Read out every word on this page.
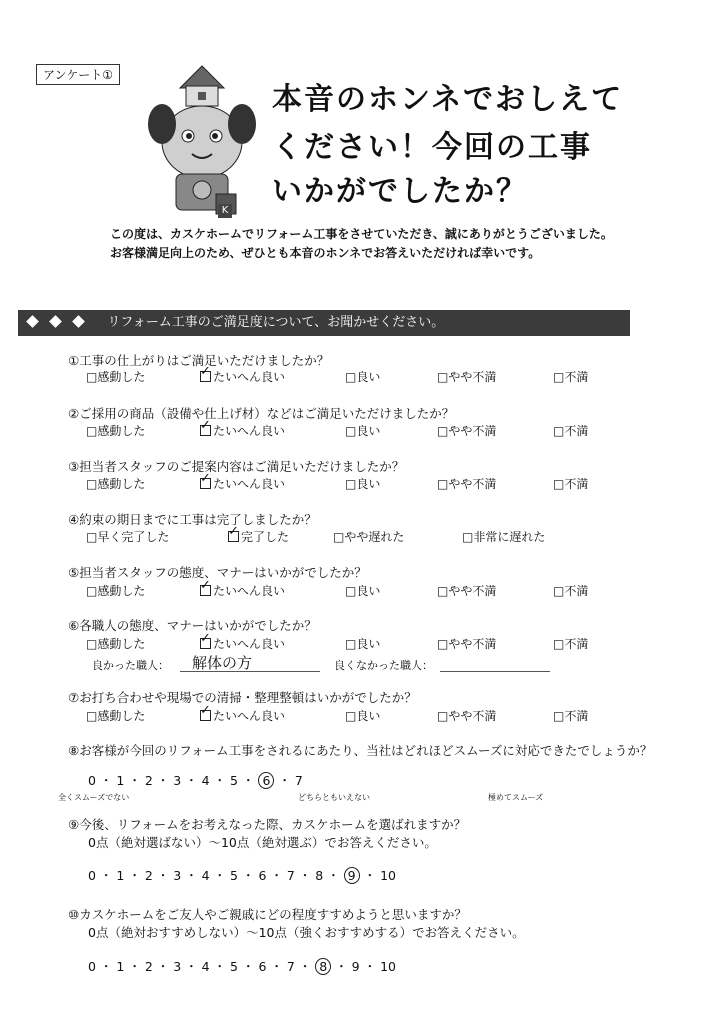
アンケート①
K
本音のホンネでおしえて
ください！今回の工事
いかがでしたか？
この度は、カスケホームでリフォーム工事をさせていただき、誠にありがとうございました。
お客様満足向上のため、ぜひとも本音のホンネでお答えいただければ幸いです。
リフォーム工事のご満足度について、お聞かせください。
①工事の仕上がりはご満足いただけましたか？
□感動した ✓	たいへん良い	□良い	□やや不満	□不満
②ご採用の商品（設備や仕上げ材）などはご満足いただけましたか？
□感動した ✓	たいへん良い	□良い	□やや不満	□不満
③担当者スタッフのご提案内容はご満足いただけましたか？
□感動した ✓	たいへん良い	□良い	□やや不満	□不満
④約束の期日までに工事は完了しましたか？
□早く完了した ✓	完了した	□やや遅れた	□非常に遅れた
⑤担当者スタッフの態度、マナーはいかがでしたか？
□感動した ✓	たいへん良い	□良い	□やや不満	□不満
⑥各職人の態度、マナーはいかがでしたか？
□感動した ✓	たいへん良い	□良い	□やや不満	□不満
良かった職人： 解体の方	良くなかった職人：
⑦お打ち合わせや現場での清掃・整理整頓はいかがでしたか？
□感動した ✓	たいへん良い	□良い	□やや不満	□不満
⑧お客様が今回のリフォーム工事をされるにあたり、当社はどれほどスムーズに対応できたでしょうか？
0 ・ 1 ・ 2 ・ 3 ・ 4 ・ 5 ・ 6 ・ 7
全くスムーズでない	どちらともいえない	極めてスムーズ
⑨今後、リフォームをお考えなった際、カスケホームを選ばれますか？
0点（絶対選ばない）～10点（絶対選ぶ）でお答えください。
0 ・ 1 ・ 2 ・ 3 ・ 4 ・ 5 ・ 6 ・ 7 ・ 8 ・ 9 ・ 10
⑩カスケホームをご友人やご親戚にどの程度すすめようと思いますか？
0点（絶対おすすめしない）～10点（強くおすすめする）でお答えください。
0 ・ 1 ・ 2 ・ 3 ・ 4 ・ 5 ・ 6 ・ 7 ・ 8 ・ 9 ・ 10
